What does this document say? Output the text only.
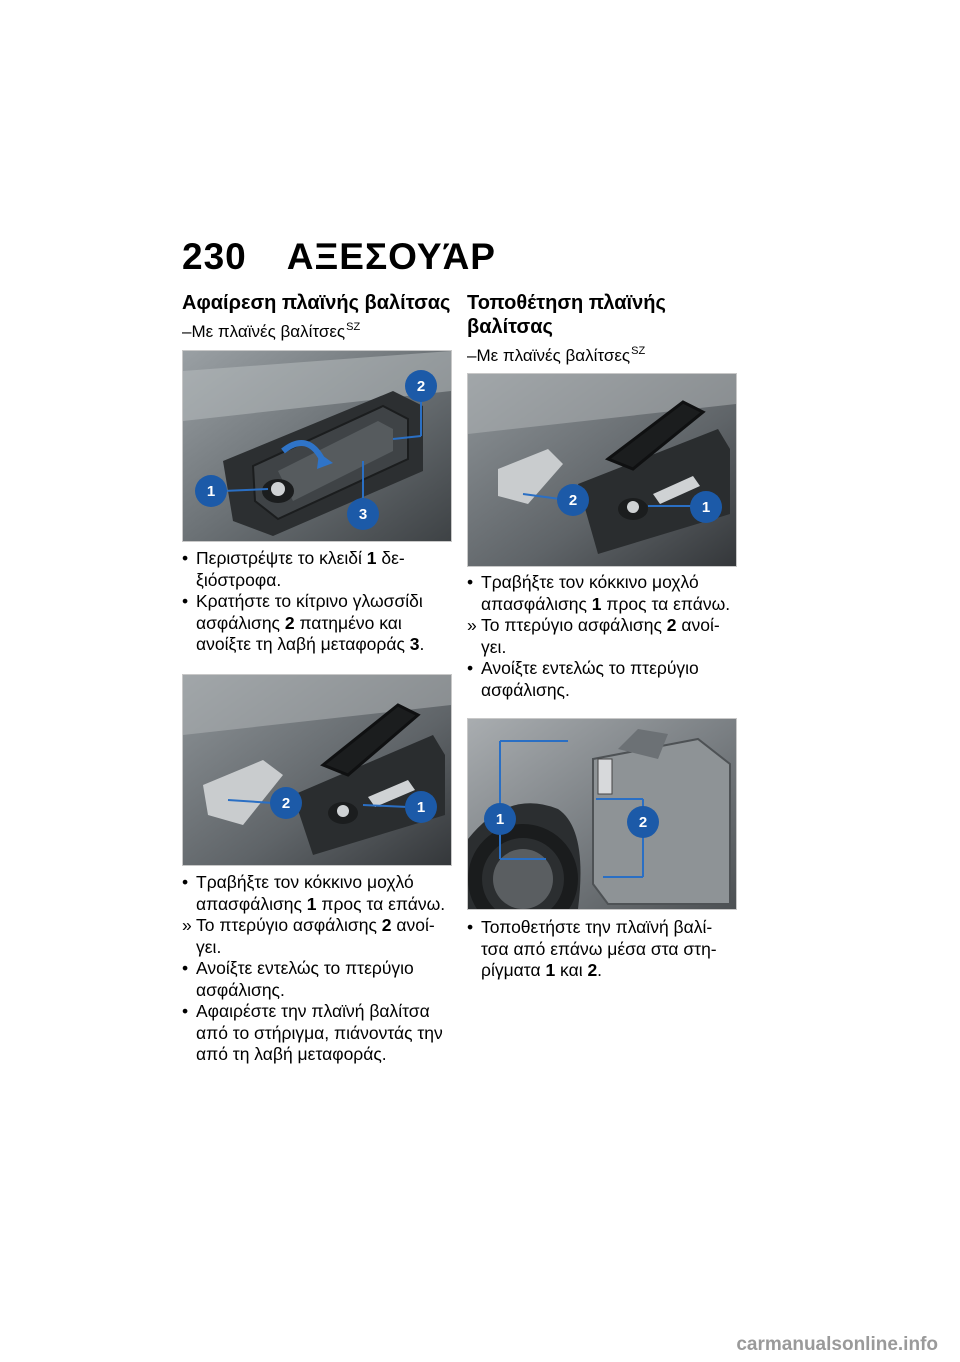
230 ΑΞΕΣΟΥΆΡ
Αφαίρεση πλαϊνής βαλίτσας
–Με πλαϊνές βαλίτσες$^{SZ}$
1
2
3
• Περιστρέψτε το κλειδί 1 δε-
ξιόστροφα.
• Κρατήστε το κίτρινο γλωσσίδι
ασφάλισης 2 πατημένο και
ανοίξτε τη λαβή μεταφοράς 3.
2	1
• Τραβήξτε τον κόκκινο μοχλό
απασφάλισης 1 προς τα επάνω.
» Το πτερύγιο ασφάλισης 2 ανοί-
γει.
• Ανοίξτε εντελώς το πτερύγιο
ασφάλισης.
• Αφαιρέστε την πλαϊνή βαλίτσα
από το στήριγμα, πιάνοντάς την
από τη λαβή μεταφοράς.
Τοποθέτηση πλαϊνής
βαλίτσας
–Με πλαϊνές βαλίτσες$^{SZ}$
2	1
• Τραβήξτε τον κόκκινο μοχλό
απασφάλισης 1 προς τα επάνω.
» Το πτερύγιο ασφάλισης 2 ανοί-
γει.
• Ανοίξτε εντελώς το πτερύγιο
ασφάλισης.
1	2
• Τοποθετήστε την πλαϊνή βαλί-
τσα από επάνω μέσα στα στη-
ρίγματα 1 και 2.
carmanualsonline.info
